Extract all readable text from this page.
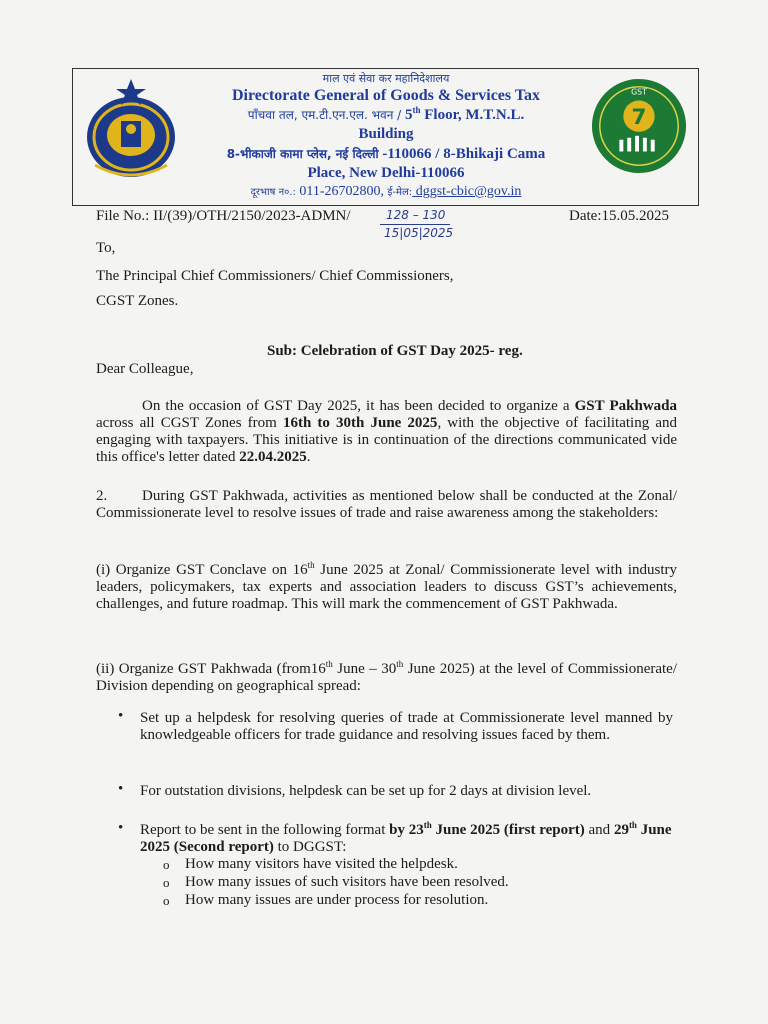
माल एवं सेवा कर महानिदेशालय
Directorate General of Goods & Services Tax
पाँचवा तल, एम.टी.एन.एल. भवन / 5th Floor, M.T.N.L.
Building
8-भीकाजी कामा प्लेस, नई दिल्ली -110066 / 8-Bhikaji Cama
Place, New Delhi-110066
दूरभाष न०.: 011-26702800, ई-मेल: dggst-cbic@gov.in
7
GST
File No.: II/(39)/OTH/2150/2023-ADMN/	128 – 130
15|05|2025
Date:15.05.2025
To,
The Principal Chief Commissioners/ Chief Commissioners,
CGST Zones.
Sub: Celebration of GST Day 2025- reg.
Dear Colleague,
On the occasion of GST Day 2025, it has been decided to organize a GST Pakhwada across all CGST Zones from 16th to 30th June 2025, with the objective of facilitating and engaging with taxpayers. This initiative is in continuation of the directions communicated vide this office's letter dated 22.04.2025.
2.	During GST Pakhwada, activities as mentioned below shall be conducted at the Zonal/ Commissionerate level to resolve issues of trade and raise awareness among the stakeholders:
(i) Organize GST Conclave on 16th June 2025 at Zonal/ Commissionerate level with industry leaders, policymakers, tax experts and association leaders to discuss GST’s achievements, challenges, and future roadmap. This will mark the commencement of GST Pakhwada.
(ii) Organize GST Pakhwada (from16th June – 30th June 2025) at the level of Commissionerate/ Division depending on geographical spread:
• Set up a helpdesk for resolving queries of trade at Commissionerate level manned by knowledgeable officers for trade guidance and resolving issues faced by them.
• For outstation divisions, helpdesk can be set up for 2 days at division level.
• Report to be sent in the following format by 23th June 2025 (first report) and 29th June 2025 (Second report) to DGGST:
o How many visitors have visited the helpdesk.
o How many issues of such visitors have been resolved.
o How many issues are under process for resolution.
